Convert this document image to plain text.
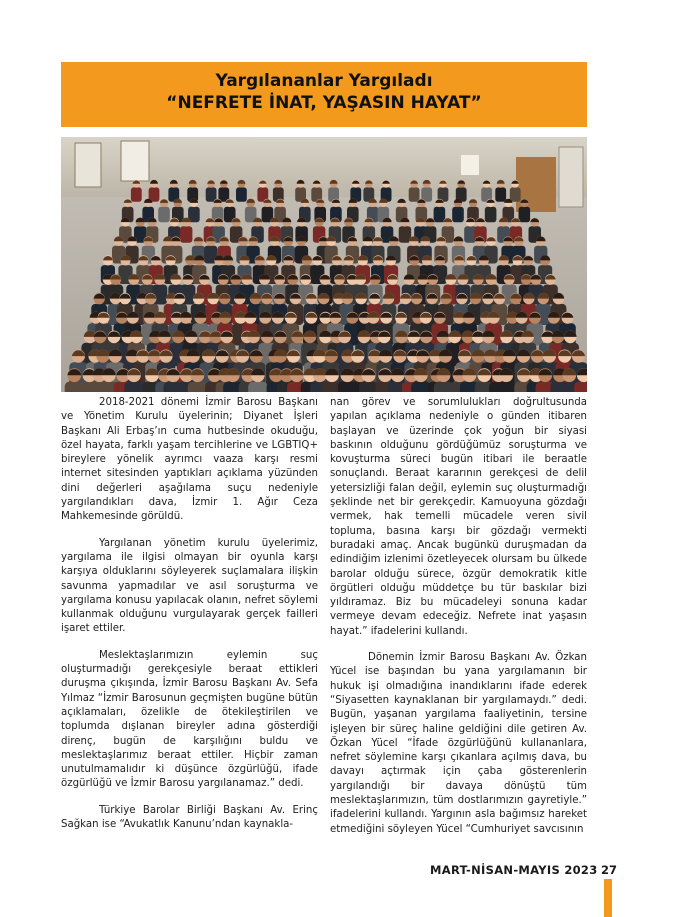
Yargılananlar Yargıladı
“NEFRETE İNAT, YAŞASIN HAYAT”

2018-2021 dönemi İzmir Barosu Başkanı ve Yönetim Kurulu üyelerinin; Diyanet İşleri Başkanı Ali Erbaş’ın cuma hutbesinde okuduğu, özel hayata, farklı yaşam tercihlerine ve LGBTIQ+ bireylere yönelik ayrımcı vaaza karşı resmi internet sitesinden yaptıkları açıklama yüzünden dini değerleri aşağılama suçu nedeniyle yargılandıkları dava, İzmir 1. Ağır Ceza Mahkemesinde görüldü.

Yargılanan yönetim kurulu üyelerimiz, yargılama ile ilgisi olmayan bir oyunla karşı karşıya olduklarını söyleyerek suçlamalara ilişkin savunma yapmadılar ve asıl soruşturma ve yargılama konusu yapılacak olanın, nefret söylemi kullanmak olduğunu vurgulayarak gerçek failleri işaret ettiler.

Meslektaşlarımızın eylemin suç oluşturmadığı gerekçesiyle beraat ettikleri duruşma çıkışında, İzmir Barosu Başkanı Av. Sefa Yılmaz “İzmir Barosunun geçmişten bugüne bütün açıklamaları, özelikle de ötekileştirilen ve toplumda dışlanan bireyler adına gösterdiği direnç, bugün de karşılığını buldu ve meslektaşlarımız beraat ettiler. Hiçbir zaman unutulmamalıdır ki düşünce özgürlüğü, ifade özgürlüğü ve İzmir Barosu yargılanamaz.” dedi.

Türkiye Barolar Birliği Başkanı Av. Erinç Sağkan ise “Avukatlık Kanunu’ndan kaynakla-

nan görev ve sorumlulukları doğrultusunda yapılan açıklama nedeniyle o günden itibaren başlayan ve üzerinde çok yoğun bir siyasi baskının olduğunu gördüğümüz soruşturma ve kovuşturma süreci bugün itibari ile beraatle sonuçlandı. Beraat kararının gerekçesi de delil yetersizliği falan değil, eylemin suç oluşturmadığı şeklinde net bir gerekçedir. Kamuoyuna gözdağı vermek, hak temelli mücadele veren sivil topluma, basına karşı bir gözdağı vermekti buradaki amaç. Ancak bugünkü duruşmadan da edindiğim izlenimi özetleyecek olursam bu ülkede barolar olduğu sürece, özgür demokratik kitle örgütleri olduğu müddetçe bu tür baskılar bizi yıldıramaz. Biz bu mücadeleyi sonuna kadar vermeye devam edeceğiz. Nefrete inat yaşasın hayat.” ifadelerini kullandı.

Dönemin İzmir Barosu Başkanı Av. Özkan Yücel ise başından bu yana yargılamanın bir hukuk işi olmadığına inandıklarını ifade ederek “Siyasetten kaynaklanan bir yargılamaydı.” dedi. Bugün, yaşanan yargılama faaliyetinin, tersine işleyen bir süreç haline geldiğini dile getiren Av. Özkan Yücel “İfade özgürlüğünü kullananlara, nefret söylemine karşı çıkanlara açılmış dava, bu davayı açtırmak için çaba gösterenlerin yargılandığı bir davaya dönüştü tüm meslektaşlarımızın, tüm dostlarımızın gayretiyle.” ifadelerini kullandı. Yargının asla bağımsız hareket etmediğini söyleyen Yücel “Cumhuriyet savcısının

MART-NİSAN-MAYIS 2023 27
